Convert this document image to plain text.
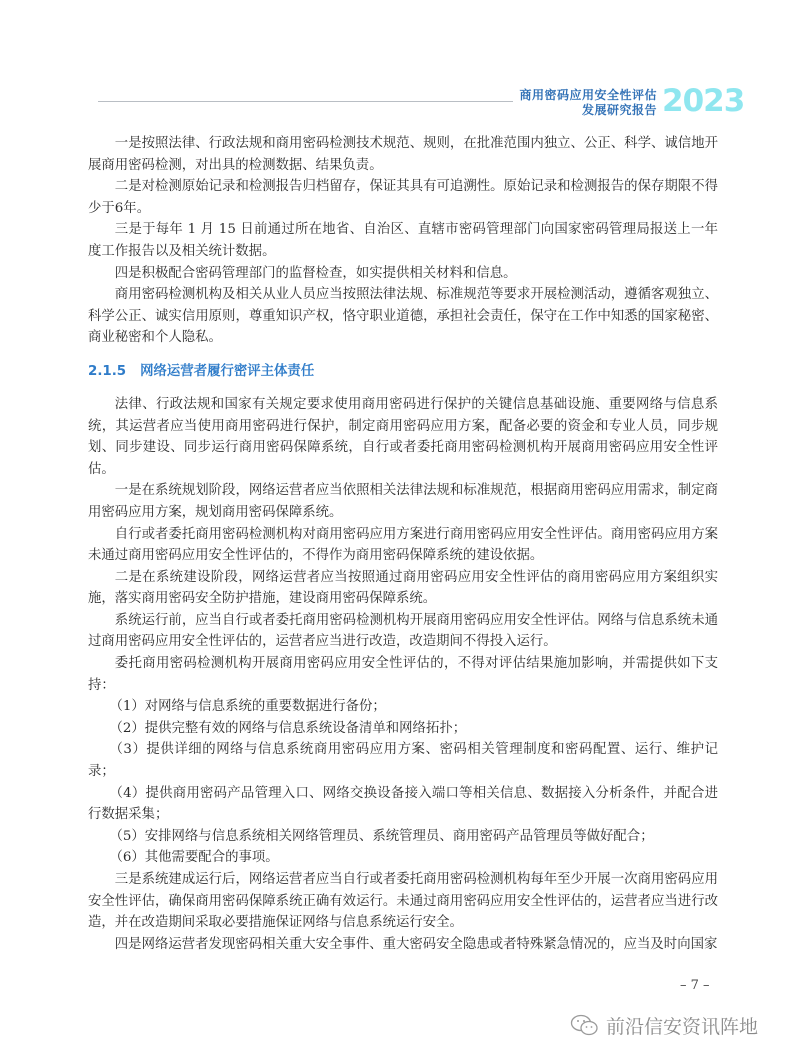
商用密码应用安全性评估
发展研究报告 2023

一是按照法律、行政法规和商用密码检测技术规范、规则，在批准范围内独立、公正、科学、诚信地开展商用密码检测，对出具的检测数据、结果负责。

二是对检测原始记录和检测报告归档留存，保证其具有可追溯性。原始记录和检测报告的保存期限不得少于6年。

三是于每年 1 月 15 日前通过所在地省、自治区、直辖市密码管理部门向国家密码管理局报送上一年度工作报告以及相关统计数据。

四是积极配合密码管理部门的监督检查，如实提供相关材料和信息。

商用密码检测机构及相关从业人员应当按照法律法规、标准规范等要求开展检测活动，遵循客观独立、科学公正、诚实信用原则，尊重知识产权，恪守职业道德，承担社会责任，保守在工作中知悉的国家秘密、商业秘密和个人隐私。

2.1.5 网络运营者履行密评主体责任

法律、行政法规和国家有关规定要求使用商用密码进行保护的关键信息基础设施、重要网络与信息系统，其运营者应当使用商用密码进行保护，制定商用密码应用方案，配备必要的资金和专业人员，同步规划、同步建设、同步运行商用密码保障系统，自行或者委托商用密码检测机构开展商用密码应用安全性评估。

一是在系统规划阶段，网络运营者应当依照相关法律法规和标准规范，根据商用密码应用需求，制定商用密码应用方案，规划商用密码保障系统。

自行或者委托商用密码检测机构对商用密码应用方案进行商用密码应用安全性评估。商用密码应用方案未通过商用密码应用安全性评估的，不得作为商用密码保障系统的建设依据。

二是在系统建设阶段，网络运营者应当按照通过商用密码应用安全性评估的商用密码应用方案组织实施，落实商用密码安全防护措施，建设商用密码保障系统。

系统运行前，应当自行或者委托商用密码检测机构开展商用密码应用安全性评估。网络与信息系统未通过商用密码应用安全性评估的，运营者应当进行改造，改造期间不得投入运行。

委托商用密码检测机构开展商用密码应用安全性评估的，不得对评估结果施加影响，并需提供如下支持：

（1）对网络与信息系统的重要数据进行备份；

（2）提供完整有效的网络与信息系统设备清单和网络拓扑；

（3）提供详细的网络与信息系统商用密码应用方案、密码相关管理制度和密码配置、运行、维护记录；

（4）提供商用密码产品管理入口、网络交换设备接入端口等相关信息、数据接入分析条件，并配合进行数据采集；

（5）安排网络与信息系统相关网络管理员、系统管理员、商用密码产品管理员等做好配合；

（6）其他需要配合的事项。

三是系统建成运行后，网络运营者应当自行或者委托商用密码检测机构每年至少开展一次商用密码应用安全性评估，确保商用密码保障系统正确有效运行。未通过商用密码应用安全性评估的，运营者应当进行改造，并在改造期间采取必要措施保证网络与信息系统运行安全。

四是网络运营者发现密码相关重大安全事件、重大密码安全隐患或者特殊紧急情况的，应当及时向国家

– 7 –
前沿信安资讯阵地
